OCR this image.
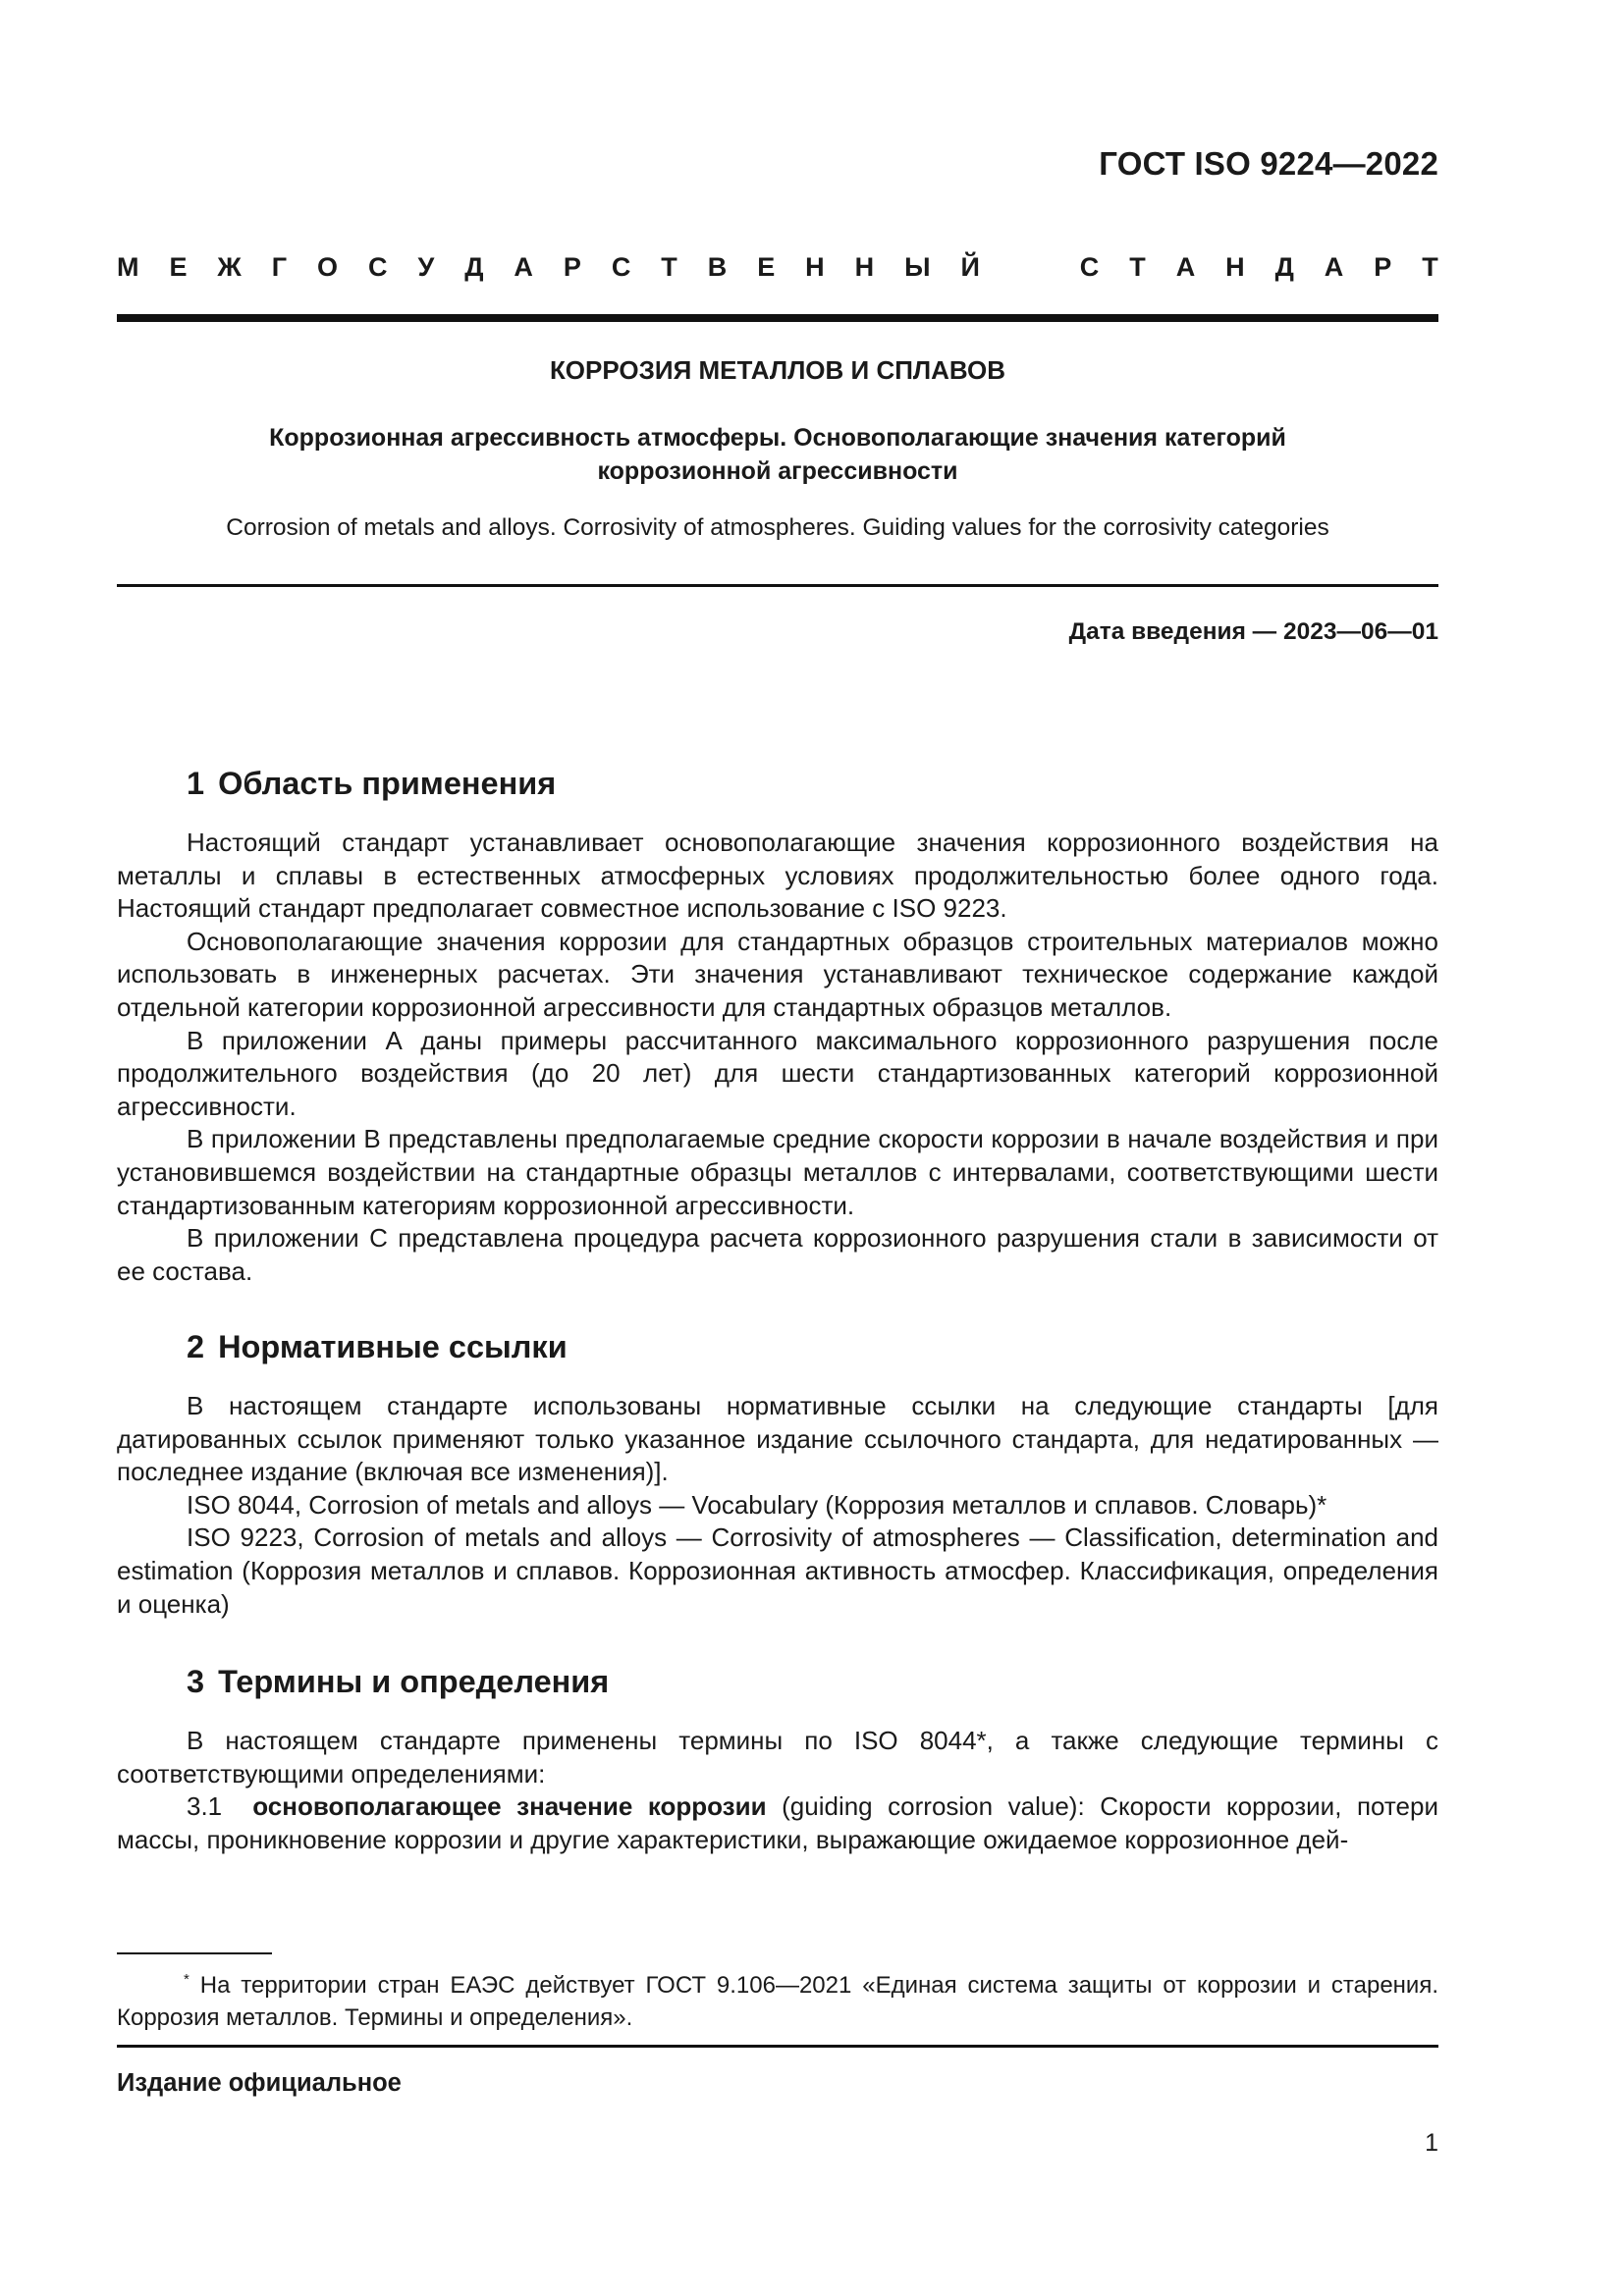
ГОСТ ISO 9224—2022
М Е Ж Г О С У Д А Р С Т В Е Н Н Ы Й	С Т А Н Д А Р Т
КОРРОЗИЯ МЕТАЛЛОВ И СПЛАВОВ
Коррозионная агрессивность атмосферы. Основополагающие значения категорий
коррозионной агрессивности
Corrosion of metals and alloys. Corrosivity of atmospheres. Guiding values for the corrosivity categories
Дата введения — 2023—06—01
1 Область применения

Настоящий стандарт устанавливает основополагающие значения коррозионного воздействия на металлы и сплавы в естественных атмосферных условиях продолжительностью более одного года. Настоящий стандарт предполагает совместное использование с ISO 9223.

Основополагающие значения коррозии для стандартных образцов строительных материалов можно использовать в инженерных расчетах. Эти значения устанавливают техническое содержание каждой отдельной категории коррозионной агрессивности для стандартных образцов металлов.

В приложении А даны примеры рассчитанного максимального коррозионного разрушения после продолжительного воздействия (до 20 лет) для шести стандартизованных категорий коррозионной агрессивности.

В приложении В представлены предполагаемые средние скорости коррозии в начале воздействия и при установившемся воздействии на стандартные образцы металлов с интервалами, соответствующими шести стандартизованным категориям коррозионной агрессивности.

В приложении С представлена процедура расчета коррозионного разрушения стали в зависимости от ее состава.

2 Нормативные ссылки

В настоящем стандарте использованы нормативные ссылки на следующие стандарты [для датированных ссылок применяют только указанное издание ссылочного стандарта, для недатированных — последнее издание (включая все изменения)].

ISO 8044, Corrosion of metals and alloys — Vocabulary (Коррозия металлов и сплавов. Словарь)*

ISO 9223, Corrosion of metals and alloys — Corrosivity of atmospheres — Classification, determination and estimation (Коррозия металлов и сплавов. Коррозионная активность атмосфер. Классификация, определения и оценка)

3 Термины и определения

В настоящем стандарте применены термины по ISO 8044*, а также следующие термины с соответствующими определениями:

3.1 основополагающее значение коррозии (guiding corrosion value): Скорости коррозии, потери массы, проникновение коррозии и другие характеристики, выражающие ожидаемое коррозионное дей-

* На территории стран ЕАЭС действует ГОСТ 9.106—2021 «Единая система защиты от коррозии и старения. Коррозия металлов. Термины и определения».

Издание официальное
1
